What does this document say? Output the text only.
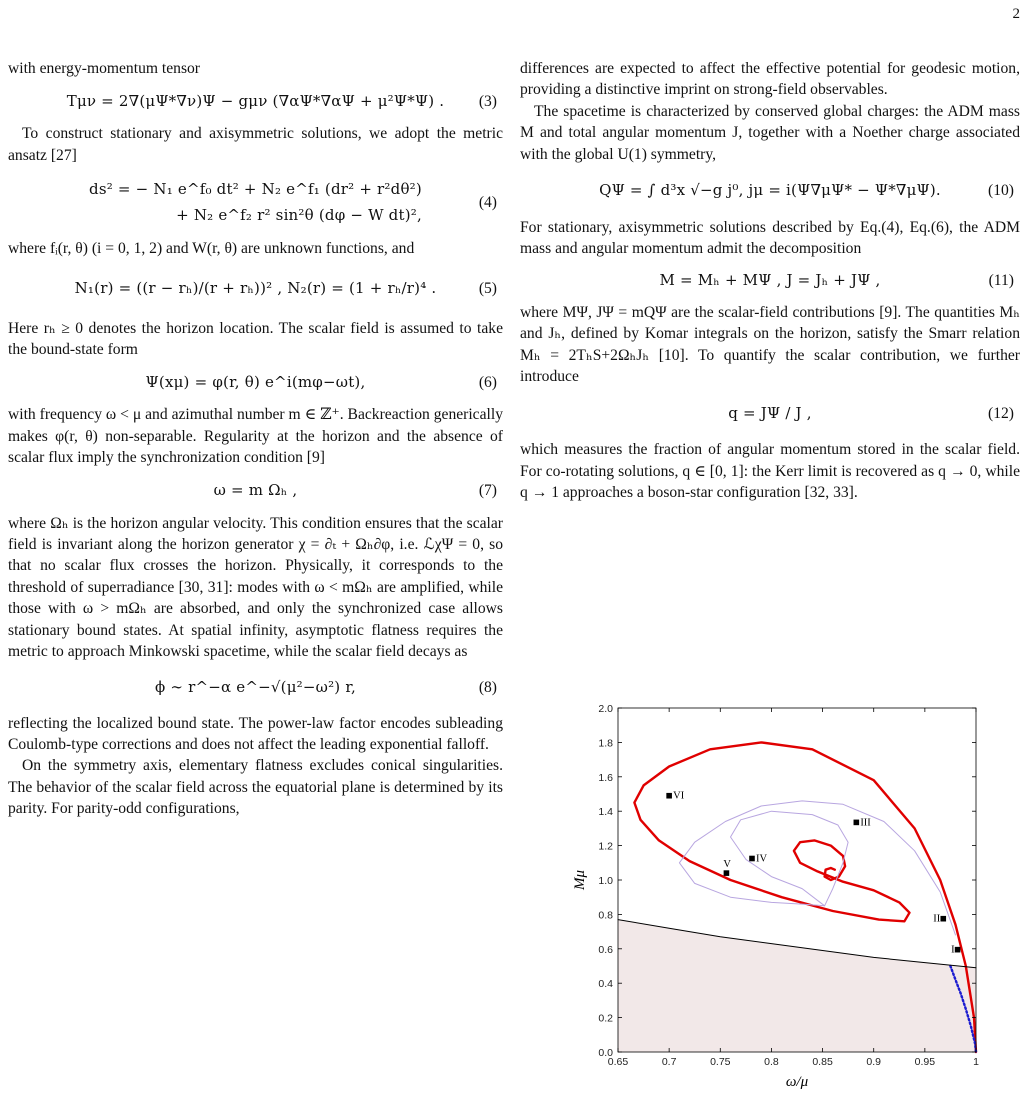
2

with energy-momentum tensor

Tμν = 2∇(μΨ*∇ν)Ψ − gμν (∇αΨ*∇αΨ + μ²Ψ*Ψ) . (3)

To construct stationary and axisymmetric solutions, we adopt the metric ansatz [27]

ds² = − N₁ e^f₀ dt² + N₂ e^f₁ (dr² + r²dθ²)
+ N₂ e^f₂ r² sin²θ (dφ − W dt)²,
(4)

where fᵢ(r, θ) (i = 0, 1, 2) and W(r, θ) are unknown functions, and

N₁(r) = ((r − rₕ)/(r + rₕ))² , N₂(r) = (1 + rₕ/r)⁴ .	(5)

Here rₕ ≥ 0 denotes the horizon location. The scalar field is assumed to take the bound-state form

Ψ(xμ) = φ(r, θ) e^i(mφ−ωt),	(6)

with frequency ω < μ and azimuthal number m ∈ ℤ⁺. Backreaction generically makes φ(r, θ) non-separable. Regularity at the horizon and the absence of scalar flux imply the synchronization condition [9]

ω = m Ωₕ ,	(7)

where Ωₕ is the horizon angular velocity. This condition ensures that the scalar field is invariant along the horizon generator χ = ∂ₜ + Ωₕ∂φ, i.e. ℒχΨ = 0, so that no scalar flux crosses the horizon. Physically, it corresponds to the threshold of superradiance [30, 31]: modes with ω < mΩₕ are amplified, while those with ω > mΩₕ are absorbed, and only the synchronized case allows stationary bound states. At spatial infinity, asymptotic flatness requires the metric to approach Minkowski spacetime, while the scalar field decays as

ϕ ∼ r^−α e^−√(μ²−ω²) r,	(8)

reflecting the localized bound state. The power-law factor encodes subleading Coulomb-type corrections and does not affect the leading exponential falloff.

On the symmetry axis, elementary flatness excludes conical singularities. The behavior of the scalar field across the equatorial plane is determined by its parity. For parity-odd configurations,

differences are expected to affect the effective potential for geodesic motion, providing a distinctive imprint on strong-field observables.

The spacetime is characterized by conserved global charges: the ADM mass M and total angular momentum J, together with a Noether charge associated with the global U(1) symmetry,

QΨ = ∫ d³x √−g j⁰, jμ = i(Ψ∇μΨ* − Ψ*∇μΨ).	(10)

For stationary, axisymmetric solutions described by Eq.(4), Eq.(6), the ADM mass and angular momentum admit the decomposition

M = Mₕ + MΨ , J = Jₕ + JΨ ,	(11)

where MΨ, JΨ = mQΨ are the scalar-field contributions [9]. The quantities Mₕ and Jₕ, defined by Komar integrals on the horizon, satisfy the Smarr relation Mₕ = 2TₕS+2ΩₕJₕ [10]. To quantify the scalar contribution, we further introduce

q = JΨ / J ,	(12)

which measures the fraction of angular momentum stored in the scalar field. For co-rotating solutions, q ∈ [0, 1]: the Kerr limit is recovered as q → 0, while q → 1 approaches a boson-star configuration [32, 33].

0.65	0.7	0.75	0.8	0.85	0.9	0.95	1
0.0
0.2
0.4
0.6
0.8
1.0
1.2
1.4
1.6
1.8
2.0
ω/μ
Mμ
I
II
III
IV
V
VI
